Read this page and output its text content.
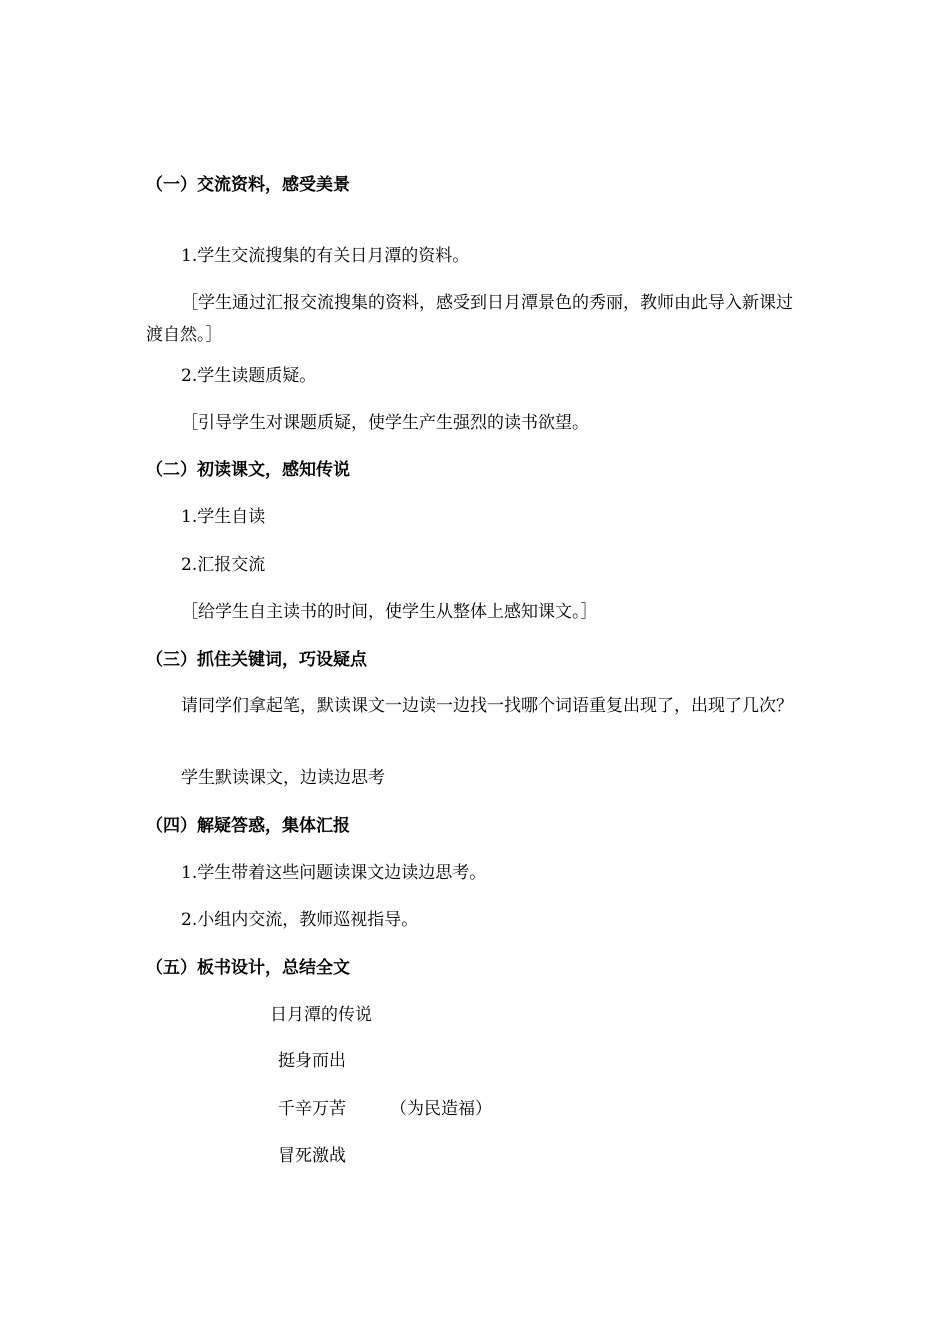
（一）交流资料，感受美景

1.学生交流搜集的有关日月潭的资料。

［学生通过汇报交流搜集的资料，感受到日月潭景色的秀丽，教师由此导入新课过渡自然。］

2.学生读题质疑。

［引导学生对课题质疑，使学生产生强烈的读书欲望。

（二）初读课文，感知传说

1.学生自读

2.汇报交流

［给学生自主读书的时间，使学生从整体上感知课文。］

（三）抓住关键词，巧设疑点

请同学们拿起笔，默读课文一边读一边找一找哪个词语重复出现了，出现了几次？

学生默读课文，边读边思考

（四）解疑答惑，集体汇报

1.学生带着这些问题读课文边读边思考。

2.小组内交流，教师巡视指导。

（五）板书设计，总结全文

日月潭的传说

挺身而出

千辛万苦	（为民造福）

冒死激战
